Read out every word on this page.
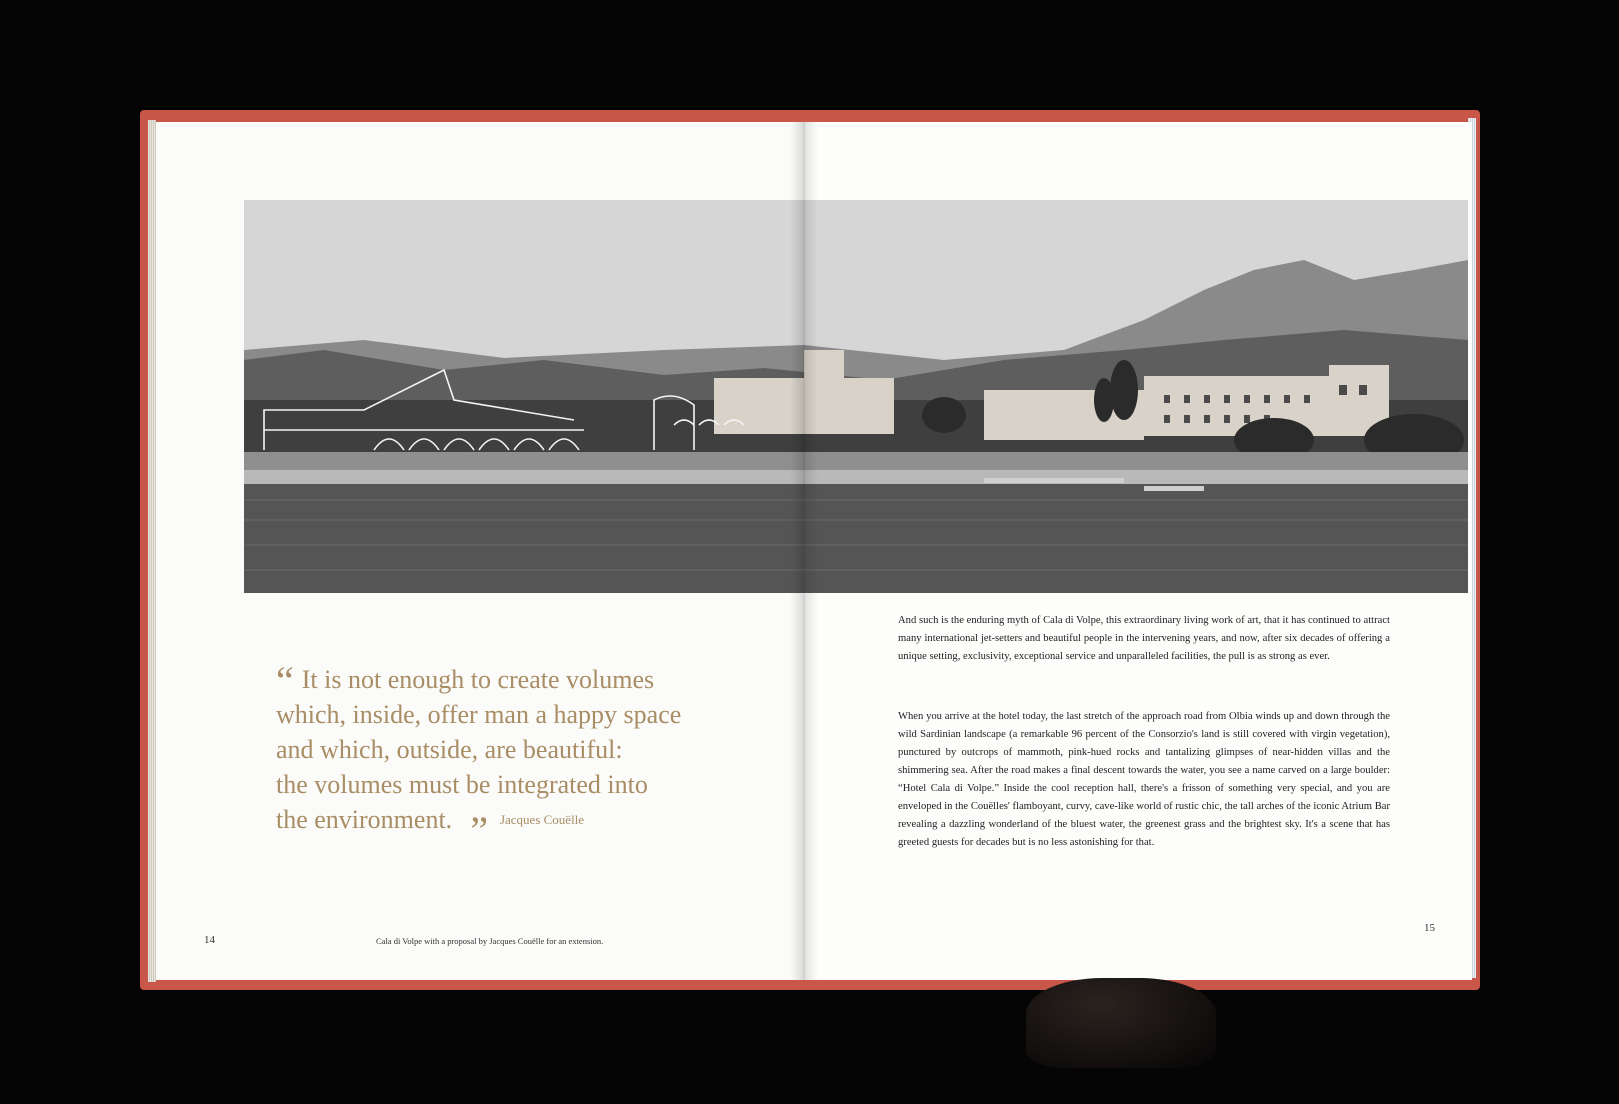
“ It is not enough to create volumes
which, inside, offer man a happy space
and which, outside, are beautiful:
the volumes must be integrated into
the environment. ” Jacques Couëlle
14	Cala di Volpe with a proposal by Jacques Couëlle for an extension.
And such is the enduring myth of Cala di Volpe, this extraordinary living work of art, that it has continued to attract many international jet-setters and beautiful people in the intervening years, and now, after six decades of offering a unique setting, exclusivity, exceptional service and unparalleled facilities, the pull is as strong as ever.
When you arrive at the hotel today, the last stretch of the approach road from Olbia winds up and down through the wild Sardinian landscape (a remarkable 96 percent of the Consorzio's land is still covered with virgin vegetation), punctured by outcrops of mammoth, pink-hued rocks and tantalizing glimpses of near-hidden villas and the shimmering sea. After the road makes a final descent towards the water, you see a name carved on a large boulder: “Hotel Cala di Volpe.” Inside the cool reception hall, there's a frisson of something very special, and you are enveloped in the Couëlles' flamboyant, curvy, cave-like world of rustic chic, the tall arches of the iconic Atrium Bar revealing a dazzling wonderland of the bluest water, the greenest grass and the brightest sky. It's a scene that has greeted guests for decades but is no less astonishing for that.
15
